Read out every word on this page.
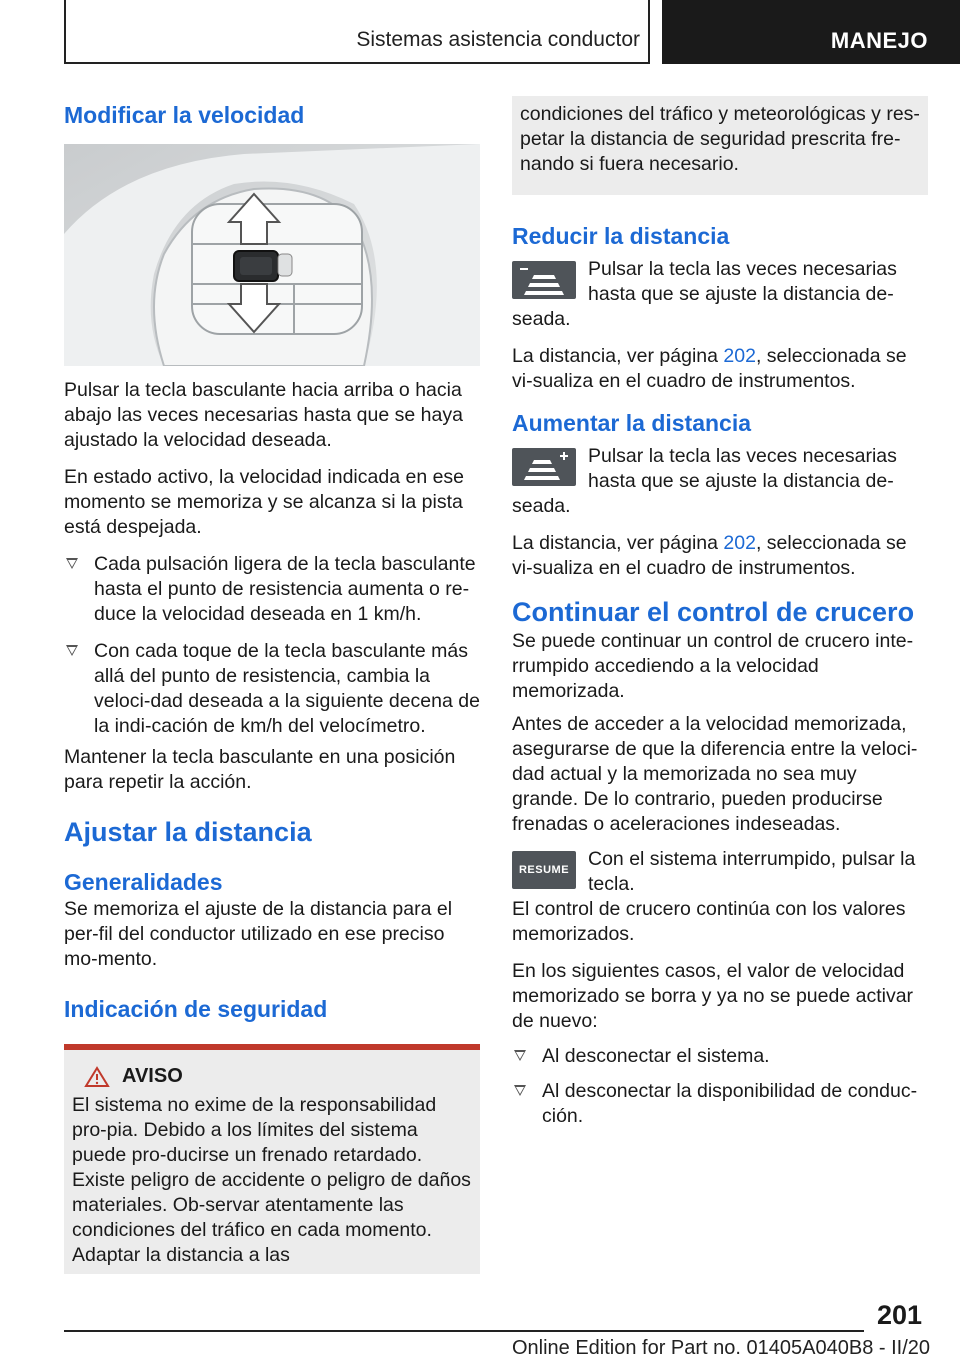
Sistemas asistencia conductor	MANEJO
Modificar la velocidad

Pulsar la tecla basculante hacia arriba o hacia abajo las veces necesarias hasta que se haya ajustado la velocidad deseada.

En estado activo, la velocidad indicada en ese momento se memoriza y se alcanza si la pista está despejada.

Cada pulsación ligera de la tecla basculante hasta el punto de resistencia aumenta o re-duce la velocidad deseada en 1 km/h.
Con cada toque de la tecla basculante más allá del punto de resistencia, cambia la veloci-dad deseada a la siguiente decena de la indi-cación de km/h del velocímetro.

Mantener la tecla basculante en una posición para repetir la acción.

Ajustar la distancia
Generalidades

Se memoriza el ajuste de la distancia para el per-fil del conductor utilizado en ese preciso mo-mento.

Indicación de seguridad
AVISO

El sistema no exime de la responsabilidad pro-pia. Debido a los límites del sistema puede pro-ducirse un frenado retardado. Existe peligro de accidente o peligro de daños materiales. Ob-servar atentamente las condiciones del tráfico en cada momento. Adaptar la distancia a las

condiciones del tráfico y meteorológicas y res-petar la distancia de seguridad prescrita fre-nando si fuera necesario.

Reducir la distancia

Pulsar la tecla las veces necesarias hasta que se ajuste la distancia de-seada.

La distancia, ver página 202, seleccionada se vi-sualiza en el cuadro de instrumentos.

Aumentar la distancia

Pulsar la tecla las veces necesarias hasta que se ajuste la distancia de-seada.

La distancia, ver página 202, seleccionada se vi-sualiza en el cuadro de instrumentos.

Continuar el control de crucero

Se puede continuar un control de crucero inte-rrumpido accediendo a la velocidad memorizada.

Antes de acceder a la velocidad memorizada, asegurarse de que la diferencia entre la veloci-dad actual y la memorizada no sea muy grande. De lo contrario, pueden producirse frenadas o aceleraciones indeseadas.

RESUME Con el sistema interrumpido, pulsar la tecla.

El control de crucero continúa con los valores memorizados.

En los siguientes casos, el valor de velocidad memorizado se borra y ya no se puede activar de nuevo:

Al desconectar el sistema.
Al desconectar la disponibilidad de conduc-ción.
201
Online Edition for Part no. 01405A040B8 - II/20
